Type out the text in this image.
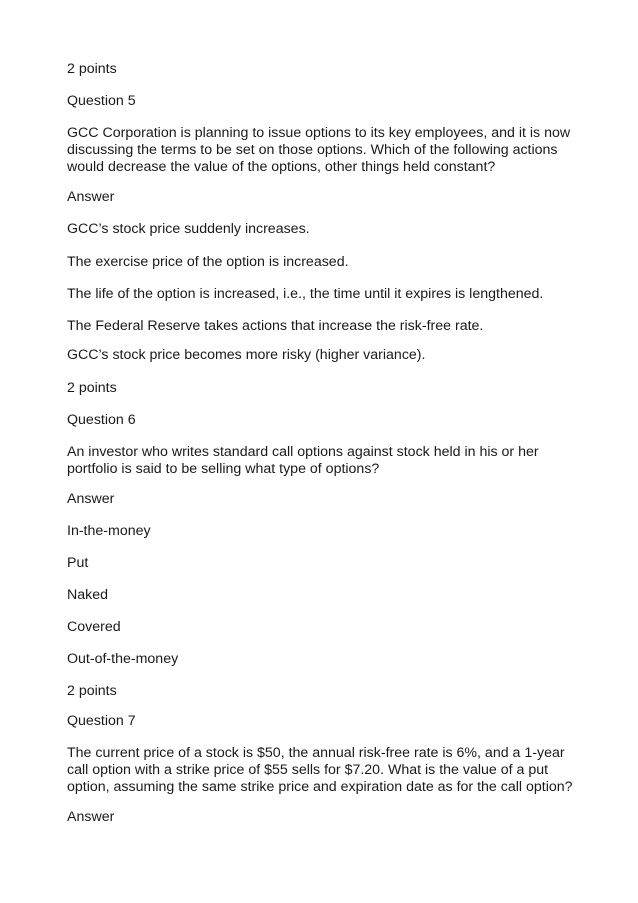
2 points
Question 5
GCC Corporation is planning to issue options to its key employees, and it is now
discussing the terms to be set on those options. Which of the following actions
would decrease the value of the options, other things held constant?
Answer
GCC’s stock price suddenly increases.
The exercise price of the option is increased.
The life of the option is increased, i.e., the time until it expires is lengthened.
The Federal Reserve takes actions that increase the risk-free rate.
GCC’s stock price becomes more risky (higher variance).
2 points
Question 6
An investor who writes standard call options against stock held in his or her
portfolio is said to be selling what type of options?
Answer
In-the-money
Put
Naked
Covered
Out-of-the-money
2 points
Question 7
The current price of a stock is $50, the annual risk-free rate is 6%, and a 1-year
call option with a strike price of $55 sells for $7.20. What is the value of a put
option, assuming the same strike price and expiration date as for the call option?
Answer
